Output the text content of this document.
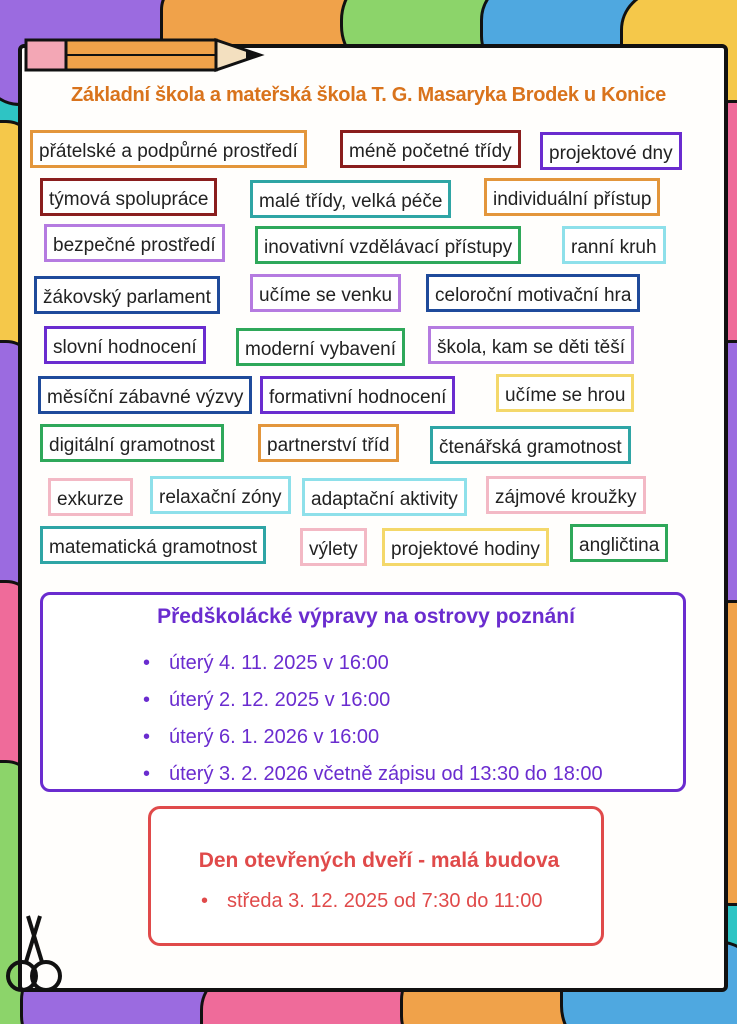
Základní škola a mateřská škola T. G. Masaryka Brodek u Konice
přátelské a podpůrné prostředí	méně početné třídy	projektové dny
týmová spolupráce	malé třídy, velká péče	individuální přístup
bezpečné prostředí	inovativní vzdělávací přístupy	ranní kruh
žákovský parlament	učíme se venku	celoroční motivační hra
slovní hodnocení	moderní vybavení	škola, kam se děti těší
měsíční zábavné výzvy	formativní hodnocení	učíme se hrou
digitální gramotnost	partnerství tříd	čtenářská gramotnost
exkurze	relaxační zóny	adaptační aktivity	zájmové kroužky
matematická gramotnost	výlety	projektové hodiny	angličtina
Předškolácké výpravy na ostrovy poznání
• úterý 4. 11. 2025 v 16:00
• úterý 2. 12. 2025 v 16:00
• úterý 6. 1. 2026 v 16:00
• úterý 3. 2. 2026 včetně zápisu od 13:30 do 18:00
Den otevřených dveří - malá budova
• středa 3. 12. 2025 od 7:30 do 11:00
